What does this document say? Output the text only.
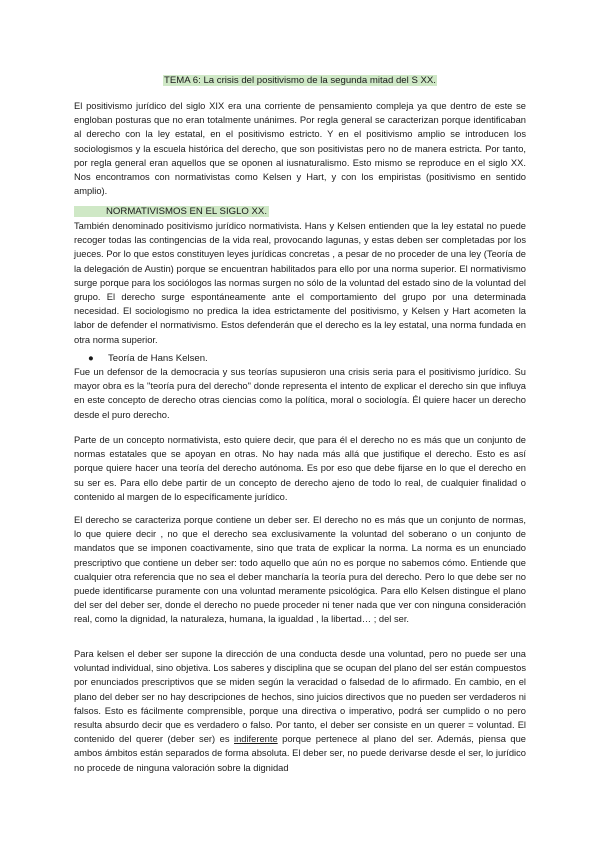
TEMA 6: La crisis del positivismo de la segunda mitad del S XX.

El positivismo jurídico del siglo XIX era una corriente de pensamiento compleja ya que dentro de este se engloban posturas que no eran totalmente unánimes. Por regla general se caracterizan porque identificaban al derecho con la ley estatal, en el positivismo estricto. Y en el positivismo amplio se introducen los sociologismos y la escuela histórica del derecho, que son positivistas pero no de manera estricta. Por tanto, por regla general eran aquellos que se oponen al iusnaturalismo. Esto mismo se reproduce en el siglo XX. Nos encontramos con normativistas como Kelsen y Hart, y con los empiristas (positivismo en sentido amplio).

NORMATIVISMOS EN EL SIGLO XX.

También denominado positivismo jurídico normativista. Hans y Kelsen entienden que la ley estatal no puede recoger todas las contingencias de la vida real, provocando lagunas, y estas deben ser completadas por los jueces. Por lo que estos constituyen leyes jurídicas concretas , a pesar de no proceder de una ley (Teoría de la delegación de Austin) porque se encuentran habilitados para ello por una norma superior. El normativismo surge porque para los sociólogos las normas surgen no sólo de la voluntad del estado sino de la voluntad del grupo. El derecho surge espontáneamente ante el comportamiento del grupo por una determinada necesidad. El sociologismo no predica la idea estrictamente del positivismo, y Kelsen y Hart acometen la labor de defender el normativismo. Estos defenderán que el derecho es la ley estatal, una norma fundada en otra norma superior.

● Teoría de Hans Kelsen.

Fue un defensor de la democracia y sus teorías supusieron una crisis seria para el positivismo jurídico. Su mayor obra es la "teoría pura del derecho" donde representa el intento de explicar el derecho sin que influya en este concepto de derecho otras ciencias como la política, moral o sociología. Él quiere hacer un derecho desde el puro derecho.

Parte de un concepto normativista, esto quiere decir, que para él el derecho no es más que un conjunto de normas estatales que se apoyan en otras. No hay nada más allá que justifique el derecho. Esto es así porque quiere hacer una teoría del derecho autónoma. Es por eso que debe fijarse en lo que el derecho en su ser es. Para ello debe partir de un concepto de derecho ajeno de todo lo real, de cualquier finalidad o contenido al margen de lo específicamente jurídico.

El derecho se caracteriza porque contiene un deber ser. El derecho no es más que un conjunto de normas, lo que quiere decir , no que el derecho sea exclusivamente la voluntad del soberano o un conjunto de mandatos que se imponen coactivamente, sino que trata de explicar la norma. La norma es un enunciado prescriptivo que contiene un deber ser: todo aquello que aún no es porque no sabemos cómo. Entiende que cualquier otra referencia que no sea el deber mancharía la teoría pura del derecho. Pero lo que debe ser no puede identificarse puramente con una voluntad meramente psicológica. Para ello Kelsen distingue el plano del ser del deber ser, donde el derecho no puede proceder ni tener nada que ver con ninguna consideración real, como la dignidad, la naturaleza, humana, la igualdad , la libertad… ; del ser.

Para kelsen el deber ser supone la dirección de una conducta desde una voluntad, pero no puede ser una voluntad individual, sino objetiva. Los saberes y disciplina que se ocupan del plano del ser están compuestos por enunciados prescriptivos que se miden según la veracidad o falsedad de lo afirmado. En cambio, en el plano del deber ser no hay descripciones de hechos, sino juicios directivos que no pueden ser verdaderos ni falsos. Esto es fácilmente comprensible, porque una directiva o imperativo, podrá ser cumplido o no pero resulta absurdo decir que es verdadero o falso. Por tanto, el deber ser consiste en un querer = voluntad. El contenido del querer (deber ser) es indiferente porque pertenece al plano del ser. Además, piensa que ambos ámbitos están separados de forma absoluta. El deber ser, no puede derivarse desde el ser, lo jurídico no procede de ninguna valoración sobre la dignidad
